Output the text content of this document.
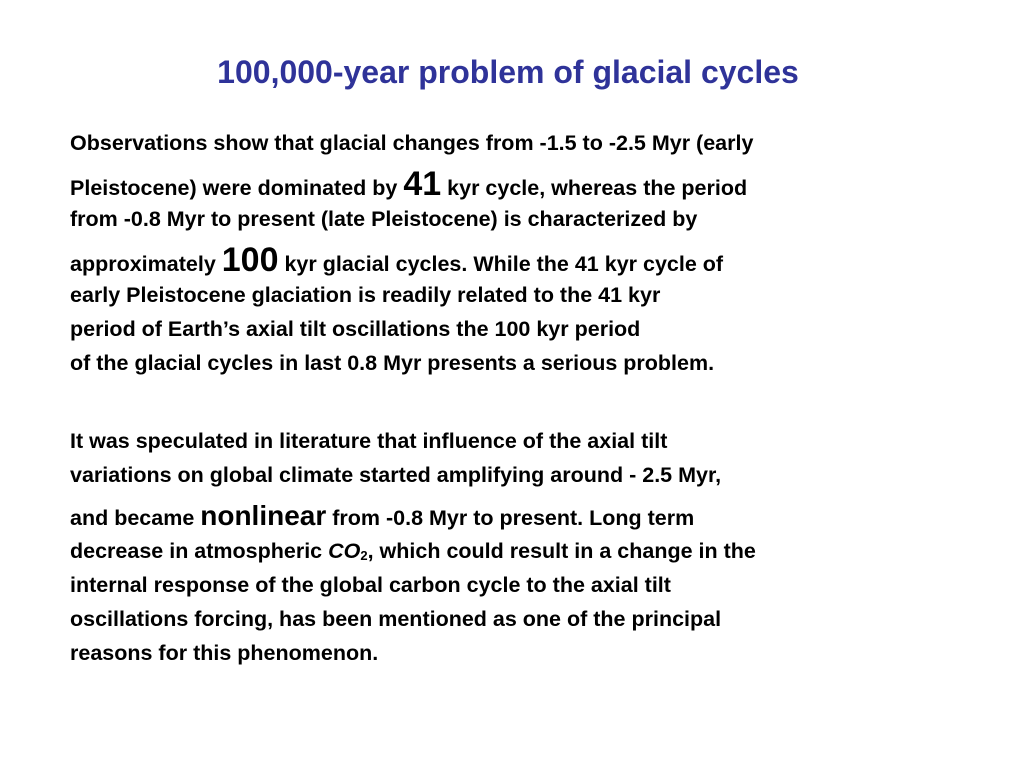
100,000-year problem of glacial cycles
Observations show that glacial changes from -1.5 to -2.5 Myr (early
Pleistocene) were dominated by 41 kyr cycle, whereas the period
from -0.8 Myr to present (late Pleistocene) is characterized by
approximately 100 kyr glacial cycles. While the 41 kyr cycle of
early Pleistocene glaciation is readily related to the 41 kyr
period of Earth’s axial tilt oscillations the 100 kyr period
of the glacial cycles in last 0.8 Myr presents a serious problem.
It was speculated in literature that influence of the axial tilt
variations on global climate started amplifying around - 2.5 Myr,
and became nonlinear from -0.8 Myr to present. Long term
decrease in atmospheric $CO_2$, which could result in a change in the
internal response of the global carbon cycle to the axial tilt
oscillations forcing, has been mentioned as one of the principal
reasons for this phenomenon.
